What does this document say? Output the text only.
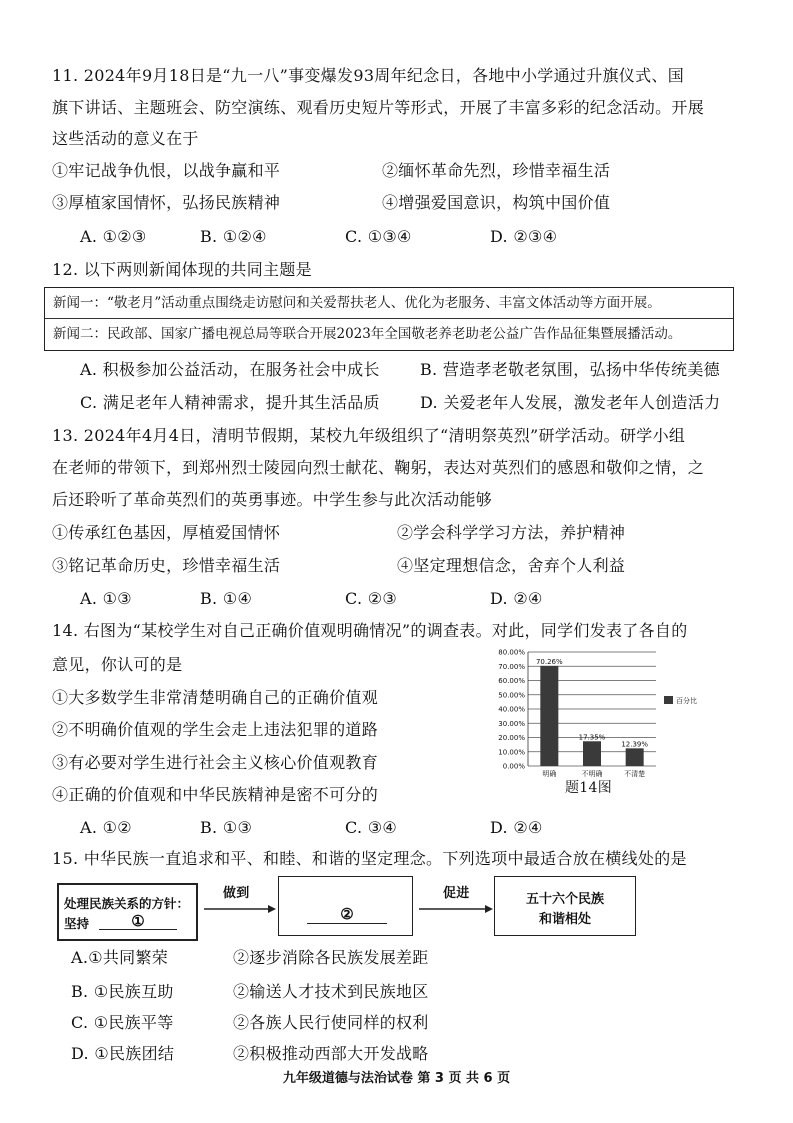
11. 2024年9月18日是“九一八”事变爆发93周年纪念日，各地中小学通过升旗仪式、国
旗下讲话、主题班会、防空演练、观看历史短片等形式，开展了丰富多彩的纪念活动。开展
这些活动的意义在于
①牢记战争仇恨，以战争赢和平	②缅怀革命先烈，珍惜幸福生活
③厚植家国情怀，弘扬民族精神	④增强爱国意识，构筑中国价值
A. ①②③	B. ①②④	C. ①③④	D. ②③④
12. 以下两则新闻体现的共同主题是
新闻一：“敬老月”活动重点围绕走访慰问和关爱帮扶老人、优化为老服务、丰富文体活动等方面开展。
新闻二：民政部、国家广播电视总局等联合开展2023年全国敬老养老助老公益广告作品征集暨展播活动。
A. 积极参加公益活动，在服务社会中成长	B. 营造孝老敬老氛围，弘扬中华传统美德
C. 满足老年人精神需求，提升其生活品质	D. 关爱老年人发展，激发老年人创造活力
13. 2024年4月4日，清明节假期，某校九年级组织了“清明祭英烈”研学活动。研学小组
在老师的带领下，到郑州烈士陵园向烈士献花、鞠躬，表达对英烈们的感恩和敬仰之情，之
后还聆听了革命英烈们的英勇事迹。中学生参与此次活动能够
①传承红色基因，厚植爱国情怀	②学会科学学习方法，养护精神
③铭记革命历史，珍惜幸福生活	④坚定理想信念，舍弃个人利益
A. ①③	B. ①④	C. ②③	D. ②④
14. 右图为“某校学生对自己正确价值观明确情况”的调查表。对此，同学们发表了各自的
意见，你认可的是
①大多数学生非常清楚明确自己的正确价值观
②不明确价值观的学生会走上违法犯罪的道路
③有必要对学生进行社会主义核心价值观教育
④正确的价值观和中华民族精神是密不可分的
A. ①②	B. ①③	C. ③④	D. ②④
0.00%
10.00%
20.00%
30.00%
40.00%
50.00%
60.00%
70.00%
80.00%
70.26%
明确
17.35%
不明确
12.39%
不清楚
百分比
题14图
15. 中华民族一直追求和平、和睦、和谐的坚定理念。下列选项中最适合放在横线处的是
处理民族关系的方针：
坚持	①
做到
②
促进	五十六个民族
和谐相处
A.①共同繁荣	②逐步消除各民族发展差距
B. ①民族互助	②输送人才技术到民族地区
C. ①民族平等	②各族人民行使同样的权利
D. ①民族团结	②积极推动西部大开发战略
九年级道德与法治试卷 第 3 页 共 6 页
